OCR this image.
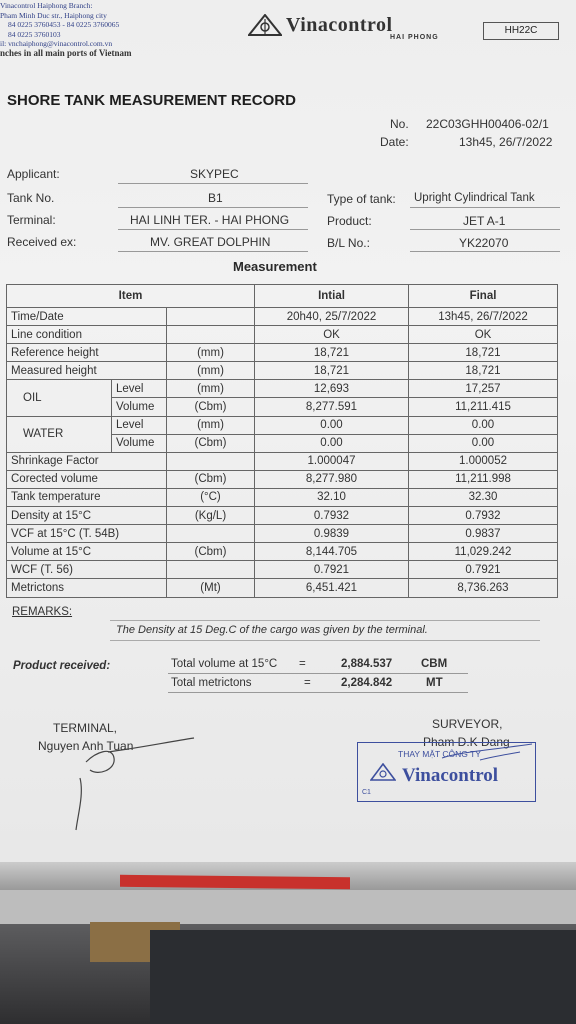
Vinacontrol Haiphong Branch:
Pham Minh Duc str., Haiphong city
84 0225 3760453 - 84 0225 3760065
84 0225 3760103
il: vnchaiphong@vinacontrol.com.vn
nches in all main ports of Vietnam
Vinacontrol
HAI PHONG
HH22C
SHORE TANK MEASUREMENT RECORD
No. 22C03GHH00406-02/1
Date:	13h45, 26/7/2022
Applicant:	SKYPEC
Tank No.	B1
Terminal:	HAI LINH TER. - HAI PHONG
Received ex:	MV. GREAT DOLPHIN
Type of tank: Upright Cylindrical Tank
Product:	JET A-1
B/L No.:	YK22070
Measurement
Item			Intial	Final
Time/Date			20h40, 25/7/2022	13h45, 26/7/2022
Line condition			OK	OK
Reference height		(mm)	18,721	18,721
Measured height		(mm)	18,721	18,721
OIL	Level	(mm)	12,693	17,257
	Volume	(Cbm)	8,277.591	11,211.415
WATER	Level	(mm)	0.00	0.00
	Volume	(Cbm)	0.00	0.00
Shrinkage Factor			1.000047	1.000052
Corected volume		(Cbm)	8,277.980	11,211.998
Tank temperature		(°C)	32.10	32.30
Density at 15°C		(Kg/L)	0.7932	0.7932
VCF at 15°C (T. 54B)			0.9839	0.9837
Volume at 15°C		(Cbm)	8,144.705	11,029.242
WCF (T. 56)			0.7921	0.7921
Metrictons		(Mt)	6,451.421	8,736.263
REMARKS:
The Density at 15 Deg.C of the cargo was given by the terminal.
Product received:	Total volume at 15°C =	2,884.537	CBM
Total metrictons	=	2,284.842	MT
TERMINAL,
Nguyen Anh Tuan
SURVEYOR,
Pham D.K Dang
THAY MẶT CÔNG TY
Vinacontrol
C1
